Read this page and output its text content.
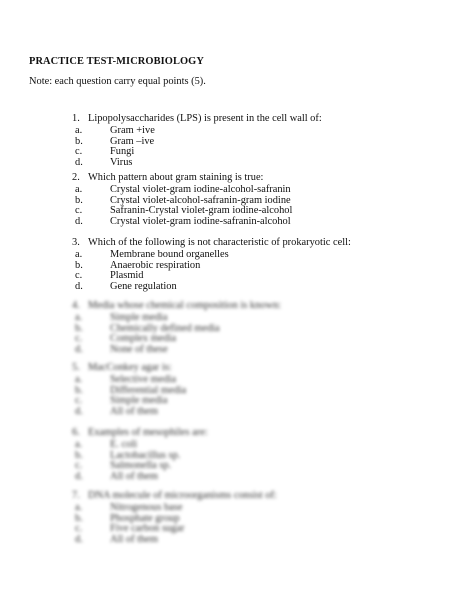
PRACTICE TEST-MICROBIOLOGY
Note: each question carry equal points (5).
1. Lipopolysaccharides (LPS) is present in the cell wall of:
a.	Gram +ive
b.	Gram –ive
c.	Fungi
d.	Virus
2. Which pattern about gram staining is true:
a.	Crystal violet-gram iodine-alcohol-safranin
b.	Crystal violet-alcohol-safranin-gram iodine
c.	Safranin-Crystal violet-gram iodine-alcohol
d.	Crystal violet-gram iodine-safranin-alcohol
3. Which of the following is not characteristic of prokaryotic cell:
a.	Membrane bound organelles
b.	Anaerobic respiration
c.	Plasmid
d.	Gene regulation
4. Media whose chemical composition is known:
a.	Simple media
b.	Chemically defined media
c.	Complex media
d.	None of these
5. MacConkey agar is:
a.	Selective media
b.	Differential media
c.	Simple media
d.	All of them
6. Examples of mesophiles are:
a.	E. coli
b.	Lactobacillus sp.
c.	Salmonella sp.
d.	All of them
7. DNA molecule of microorganisms consist of:
a.	Nitrogenous base
b.	Phosphate group
c.	Five carbon sugar
d.	All of them
